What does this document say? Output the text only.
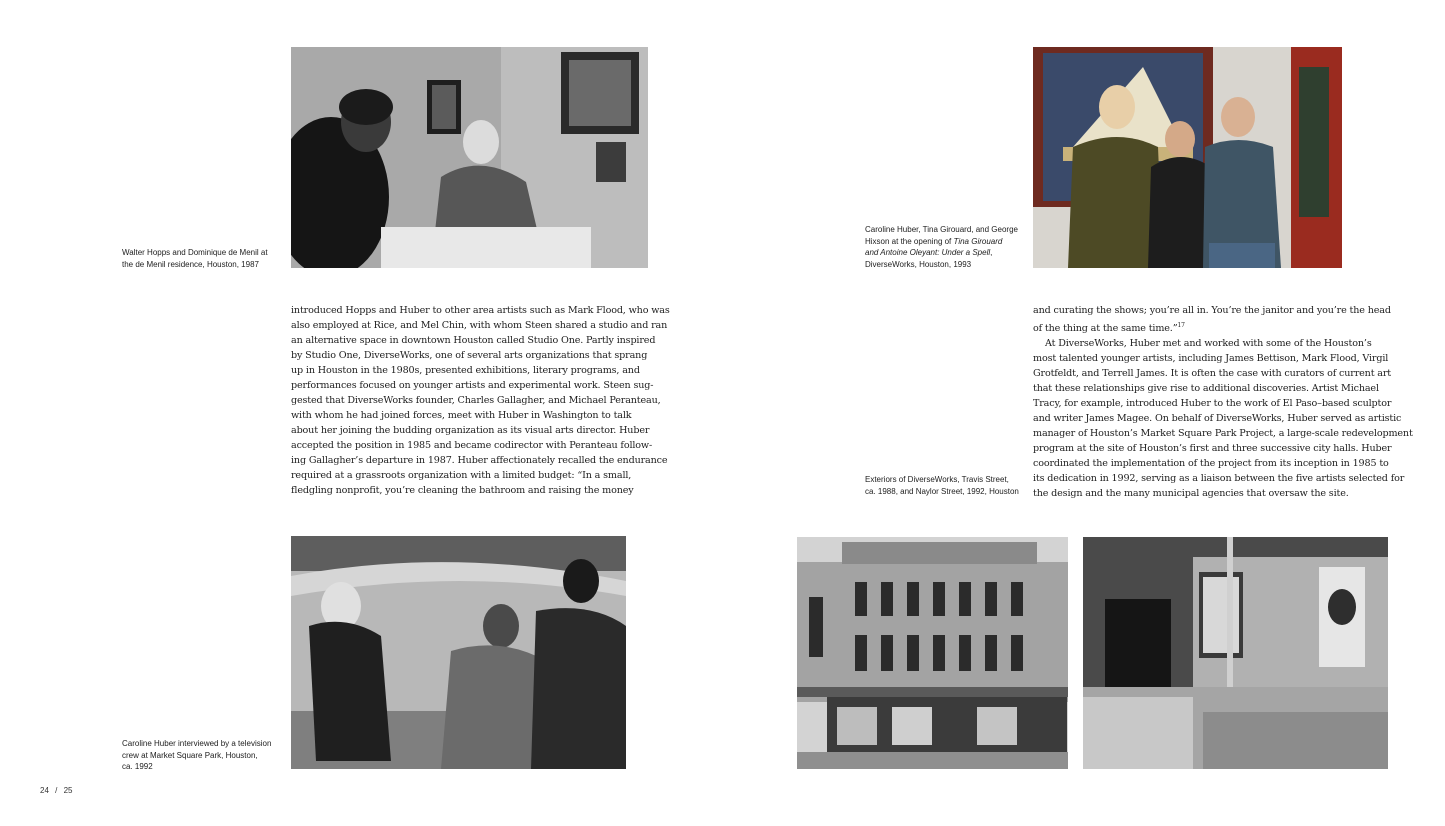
Walter Hopps and Dominique de Menil at

the de Menil residence, Houston, 1987

Caroline Huber, Tina Girouard, and George

Hixson at the opening of Tina Girouard

and Antoine Oleyant: Under a Spell,

DiverseWorks, Houston, 1993

Exteriors of DiverseWorks, Travis Street,

ca. 1988, and Naylor Street, 1992, Houston

Caroline Huber interviewed by a television

crew at Market Square Park, Houston,

ca. 1992

introduced Hopps and Huber to other area artists such as Mark Flood, who was
also employed at Rice, and Mel Chin, with whom Steen shared a studio and ran
an alternative space in downtown Houston called Studio One. Partly inspired
by Studio One, DiverseWorks, one of several arts organizations that sprang
up in Houston in the 1980s, presented exhibitions, literary programs, and
performances focused on younger artists and experimental work. Steen sug-
gested that DiverseWorks founder, Charles Gallagher, and Michael Peranteau,
with whom he had joined forces, meet with Huber in Washington to talk
about her joining the budding organization as its visual arts director. Huber
accepted the position in 1985 and became codirector with Peranteau follow-
ing Gallagher’s departure in 1987. Huber affectionately recalled the endurance
required at a grassroots organization with a limited budget: “In a small,
fledgling nonprofit, you’re cleaning the bathroom and raising the money
and curating the shows; you’re all in. You’re the janitor and you’re the head
of the thing at the same time.”$^{17}$
At DiverseWorks, Huber met and worked with some of the Houston’s
most talented younger artists, including James Bettison, Mark Flood, Virgil
Grotfeldt, and Terrell James. It is often the case with curators of current art
that these relationships give rise to additional discoveries. Artist Michael
Tracy, for example, introduced Huber to the work of El Paso–based sculptor
and writer James Magee. On behalf of DiverseWorks, Huber served as artistic
manager of Houston’s Market Square Park Project, a large-scale redevelopment
program at the site of Houston’s first and three successive city halls. Huber
coordinated the implementation of the project from its inception in 1985 to
its dedication in 1992, serving as a liaison between the five artists selected for
the design and the many municipal agencies that oversaw the site.
24 / 25
